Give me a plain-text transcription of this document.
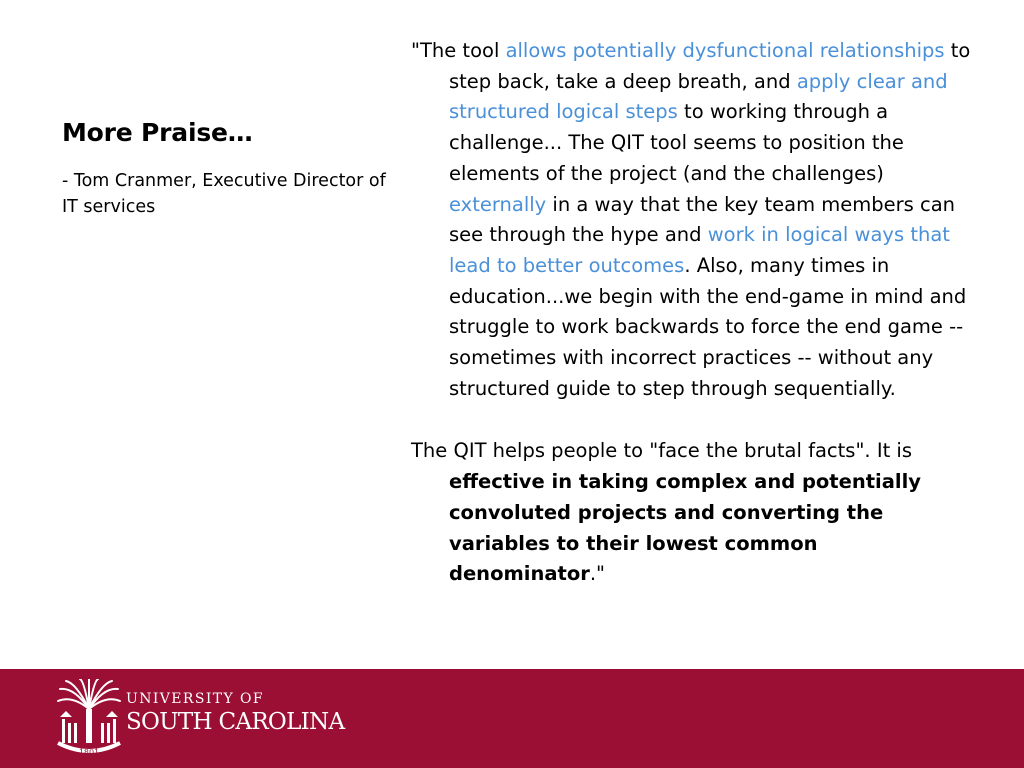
More Praise…
- Tom Cranmer, Executive Director of IT services

"The tool allows potentially dysfunctional relationships to step back, take a deep breath, and apply clear and structured logical steps to working through a challenge... The QIT tool seems to position the elements of the project (and the challenges) externally in a way that the key team members can see through the hype and work in logical ways that lead to better outcomes. Also, many times in education...we begin with the end-game in mind and struggle to work backwards to force the end game -- sometimes with incorrect practices -- without any structured guide to step through sequentially.

The QIT helps people to "face the brutal facts". It is effective in taking complex and potentially convoluted projects and converting the variables to their lowest common denominator."

1801
UNIVERSITY OF
SOUTH CAROLINA
